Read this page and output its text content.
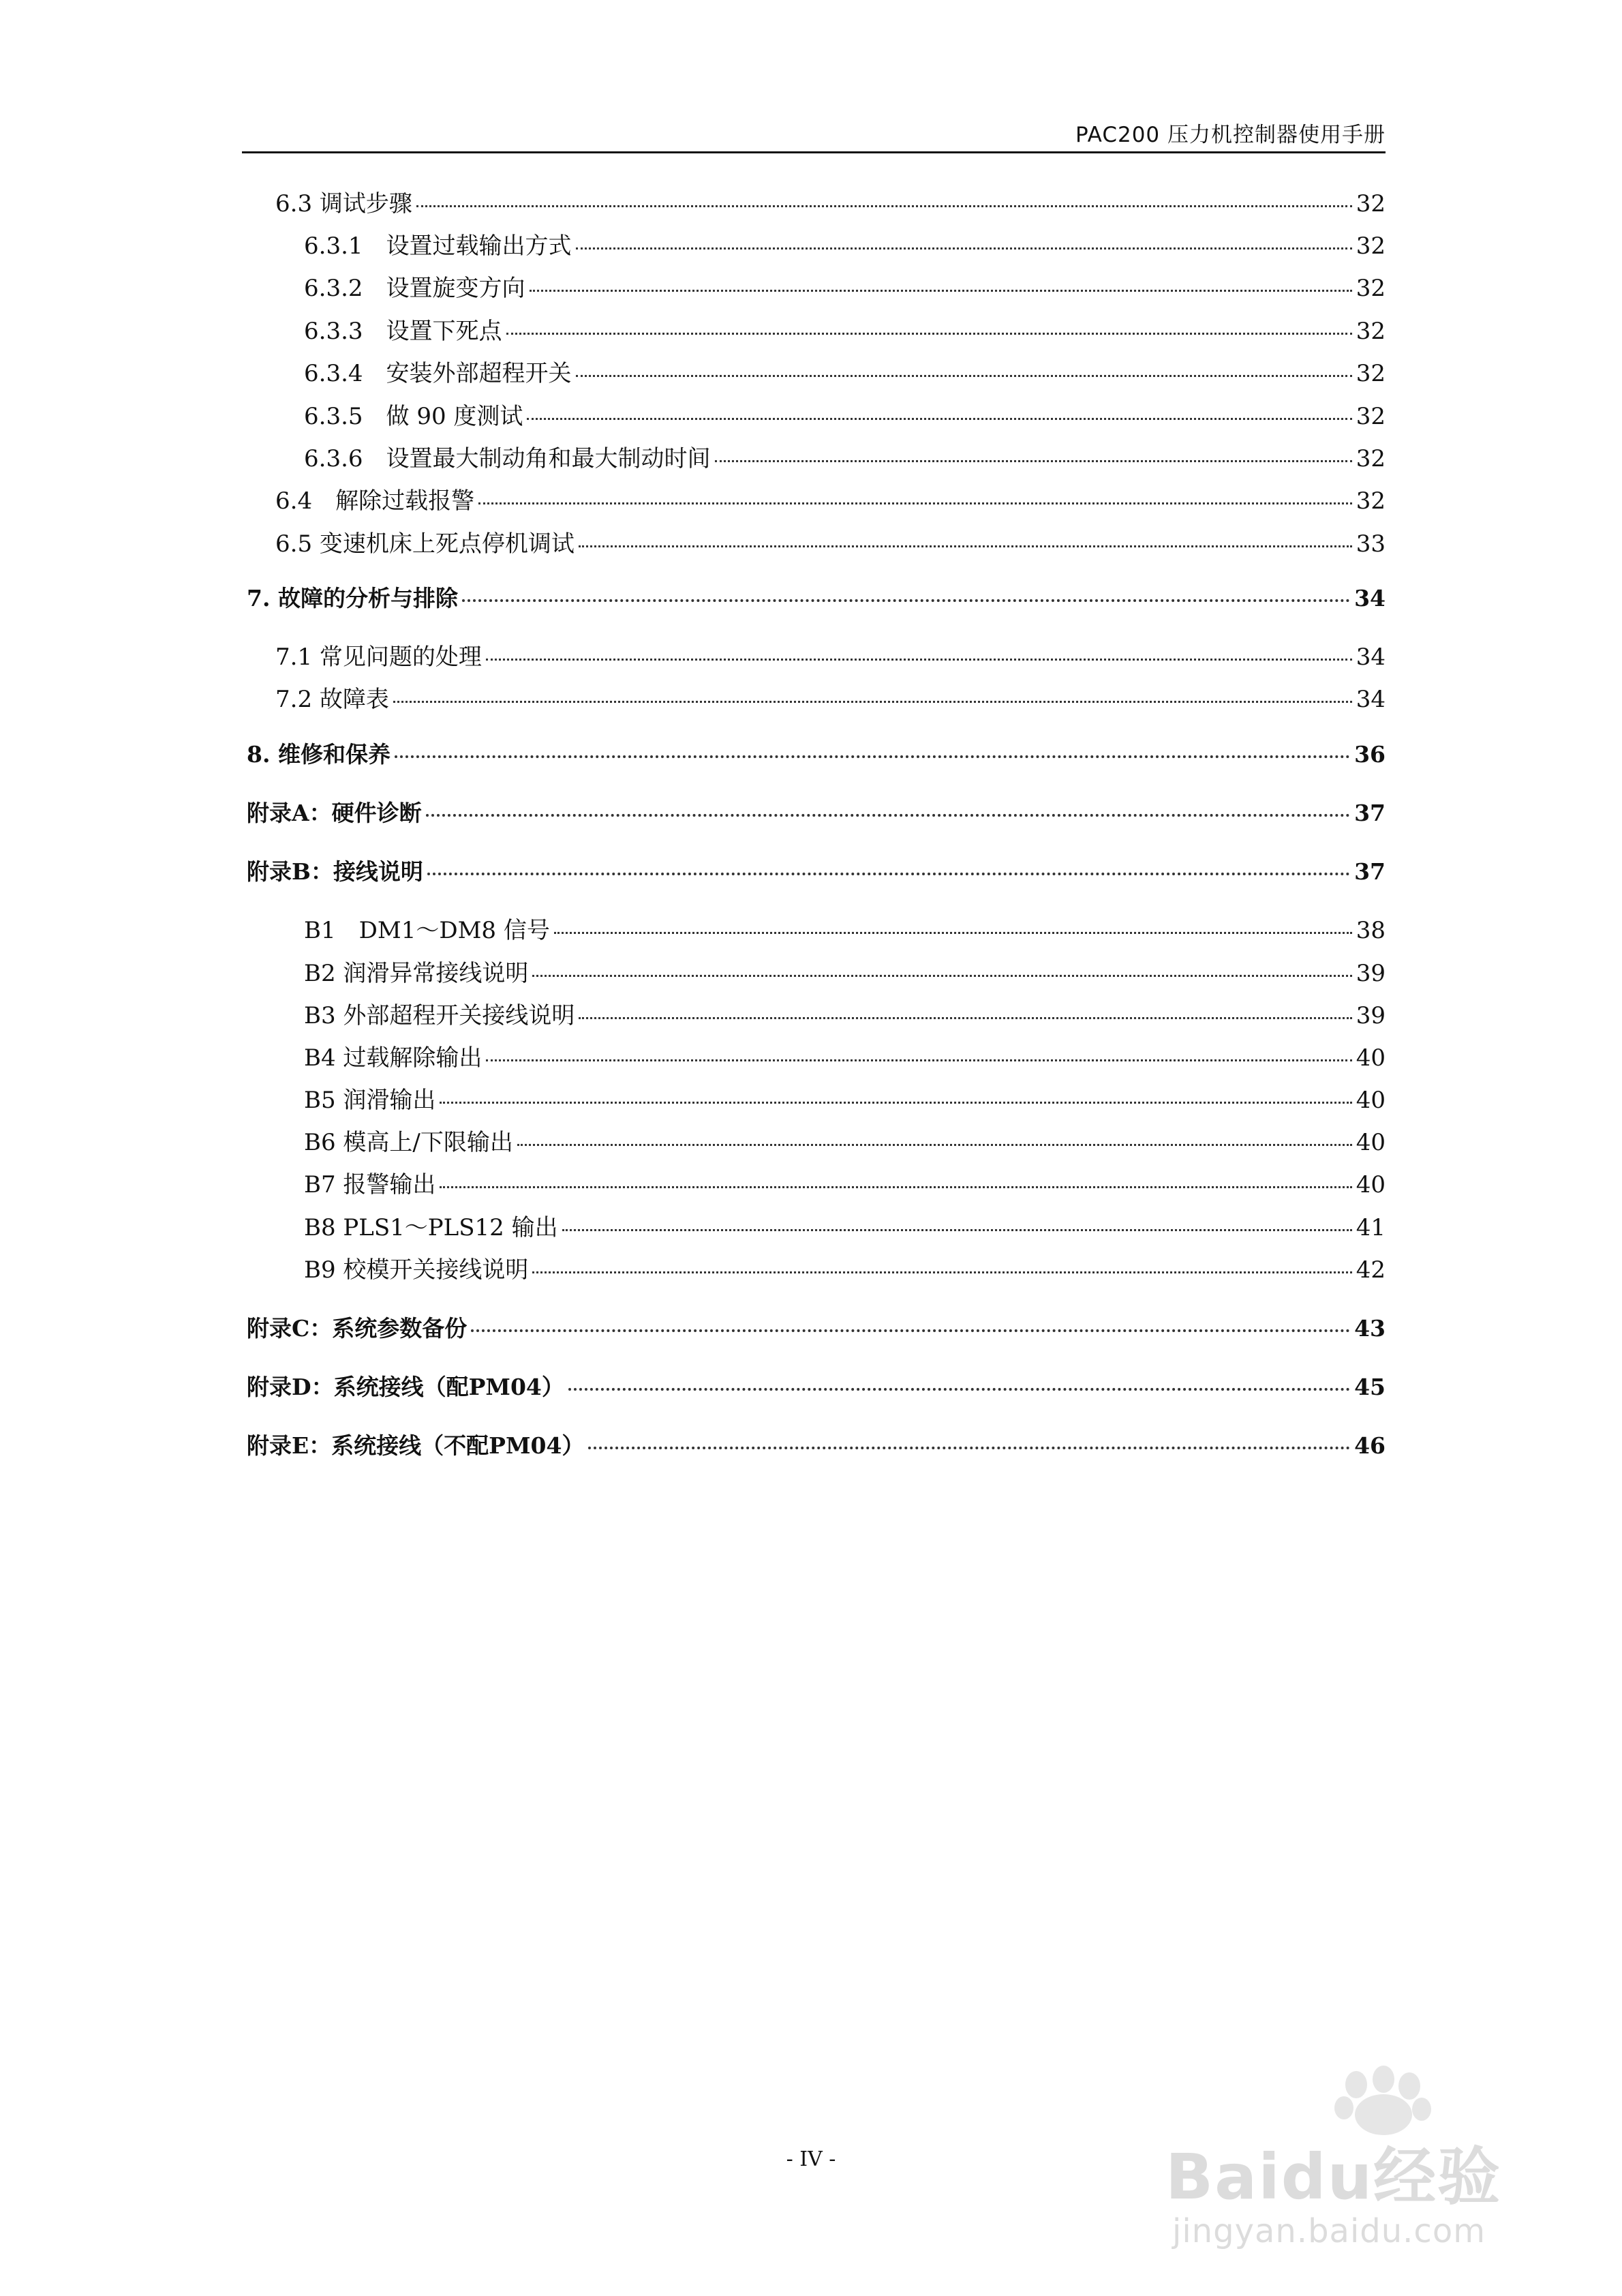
PAC200 压力机控制器使用手册
6.3 调试步骤	32
6.3.1　设置过载输出方式	32
6.3.2　设置旋变方向	32
6.3.3　设置下死点	32
6.3.4　安装外部超程开关	32
6.3.5　做 90 度测试	32
6.3.6　设置最大制动角和最大制动时间	32
6.4　解除过载报警	32
6.5 变速机床上死点停机调试	33
7. 故障的分析与排除	34
7.1 常见问题的处理	34
7.2 故障表	34
8. 维修和保养	36
附录A：硬件诊断	37
附录B：接线说明	37
B1　DM1～DM8 信号	38
B2 润滑异常接线说明	39
B3 外部超程开关接线说明	39
B4 过载解除输出	40
B5 润滑输出	40
B6 模高上/下限输出	40
B7 报警输出	40
B8 PLS1～PLS12 输出	41
B9 校模开关接线说明	42
附录C：系统参数备份	43
附录D：系统接线（配PM04）	45
附录E：系统接线（不配PM04）	46
- IV -	Baidu经验
jingyan.baidu.com
